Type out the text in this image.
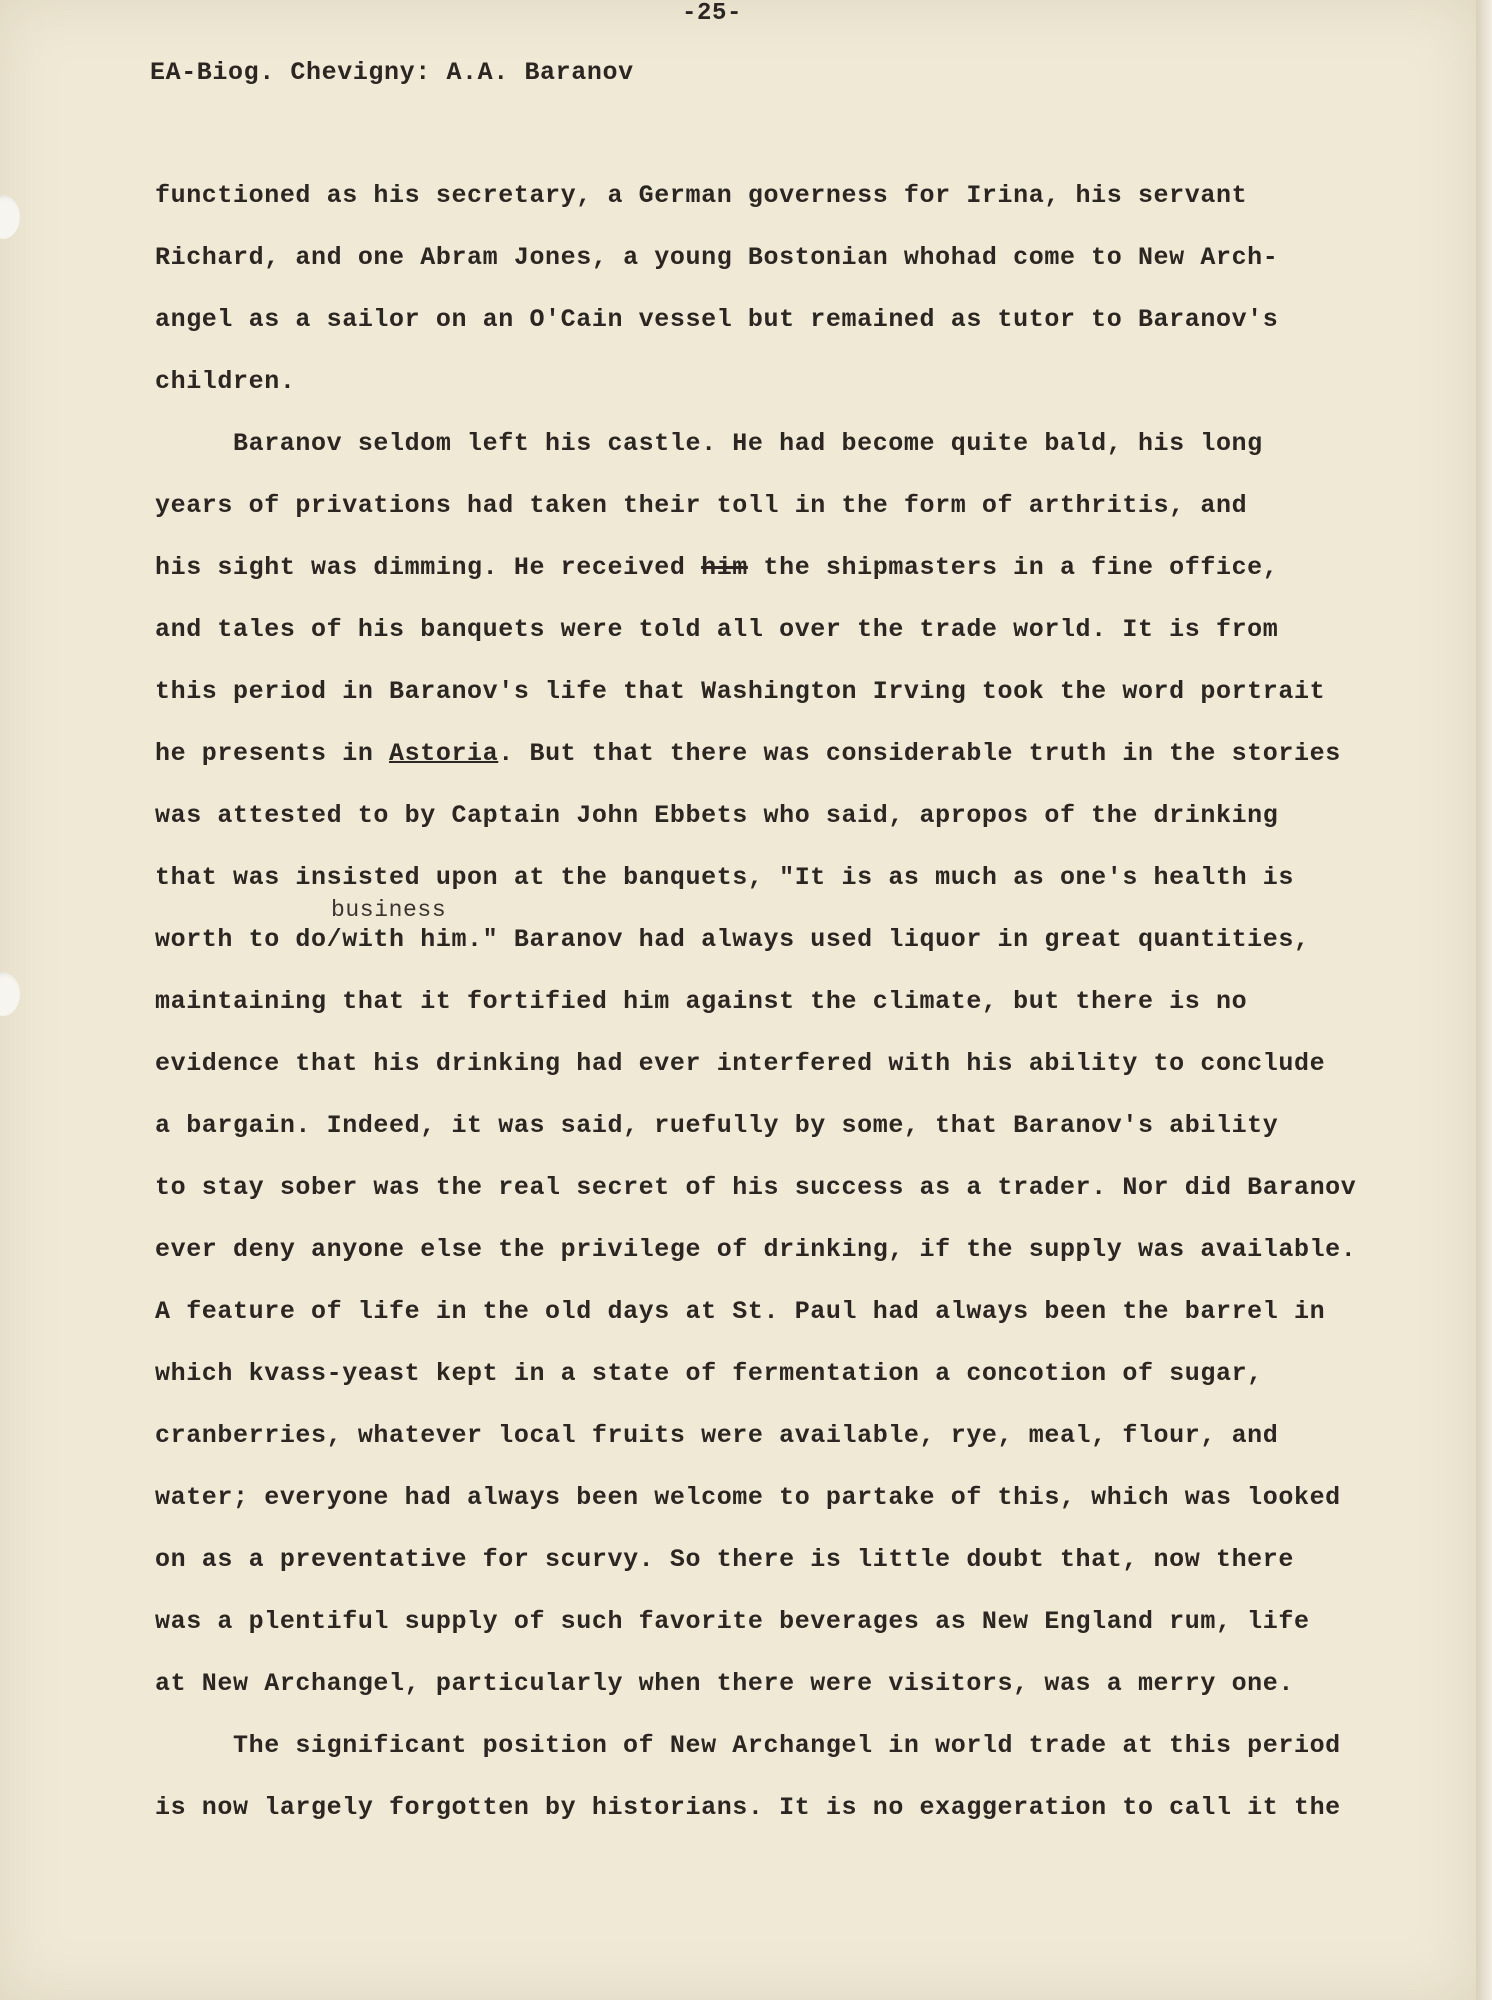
-25-
EA-Biog. Chevigny: A.A. Baranov
functioned as his secretary, a German governess for Irina, his servant
Richard, and one Abram Jones, a young Bostonian whohad come to New Arch-
angel as a sailor on an O'Cain vessel but remained as tutor to Baranov's
children.
Baranov seldom left his castle. He had become quite bald, his long
years of privations had taken their toll in the form of arthritis, and
his sight was dimming. He received him the shipmasters in a fine office,
and tales of his banquets were told all over the trade world. It is from
this period in Baranov's life that Washington Irving took the word portrait
he presents in Astoria. But that there was considerable truth in the stories
was attested to by Captain John Ebbets who said, apropos of the drinking
that was insisted upon at the banquets, "It is as much as one's health is
business
worth to do/with him." Baranov had always used liquor in great quantities,
maintaining that it fortified him against the climate, but there is no
evidence that his drinking had ever interfered with his ability to conclude
a bargain. Indeed, it was said, ruefully by some, that Baranov's ability
to stay sober was the real secret of his success as a trader. Nor did Baranov
ever deny anyone else the privilege of drinking, if the supply was available.
A feature of life in the old days at St. Paul had always been the barrel in
which kvass-yeast kept in a state of fermentation a concotion of sugar,
cranberries, whatever local fruits were available, rye, meal, flour, and
water; everyone had always been welcome to partake of this, which was looked
on as a preventative for scurvy. So there is little doubt that, now there
was a plentiful supply of such favorite beverages as New England rum, life
at New Archangel, particularly when there were visitors, was a merry one.
The significant position of New Archangel in world trade at this period
is now largely forgotten by historians. It is no exaggeration to call it the
